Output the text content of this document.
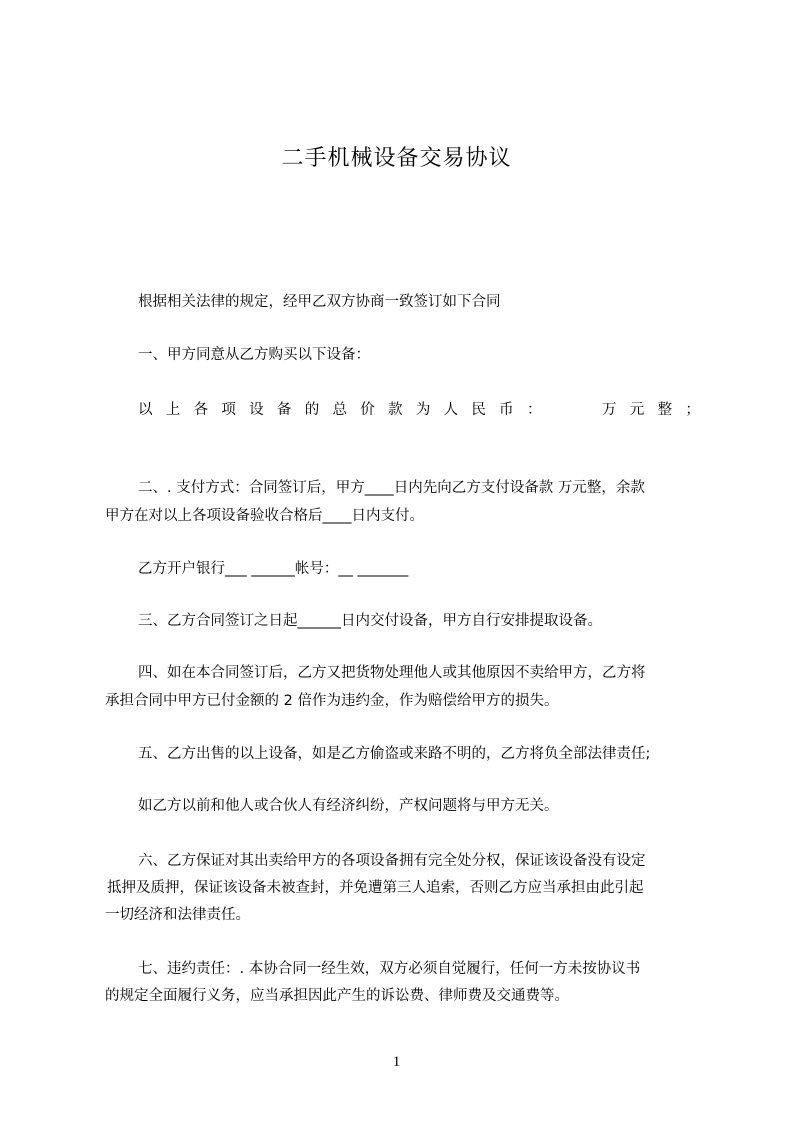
二手机械设备交易协议
根据相关法律的规定，经甲乙双方协商一致签订如下合同
一、甲方同意从乙方购买以下设备：
以 上 各 项 设 备 的 总 价 款 为 人 民 币 ：	万 元 整 ；
二、. 支付方式：合同签订后，甲方____日内先向乙方支付设备款 万元整，余款
甲方在对以上各项设备验收合格后____日内支付。
乙方开户银行___ ______帐号：__ _______
三、乙方合同签订之日起______日内交付设备，甲方自行安排提取设备。
四、如在本合同签订后，乙方又把货物处理他人或其他原因不卖给甲方，乙方将
承担合同中甲方已付金额的 2 倍作为违约金，作为赔偿给甲方的损失。
五、乙方出售的以上设备，如是乙方偷盗或来路不明的，乙方将负全部法律责任;
如乙方以前和他人或合伙人有经济纠纷，产权问题将与甲方无关。
六、乙方保证对其出卖给甲方的各项设备拥有完全处分权，保证该设备没有设定
抵押及质押，保证该设备未被查封，并免遭第三人追索，否则乙方应当承担由此引起
一切经济和法律责任。
七、违约责任：. 本协合同一经生效，双方必须自觉履行，任何一方未按协议书
的规定全面履行义务，应当承担因此产生的诉讼费、律师费及交通费等。
1
